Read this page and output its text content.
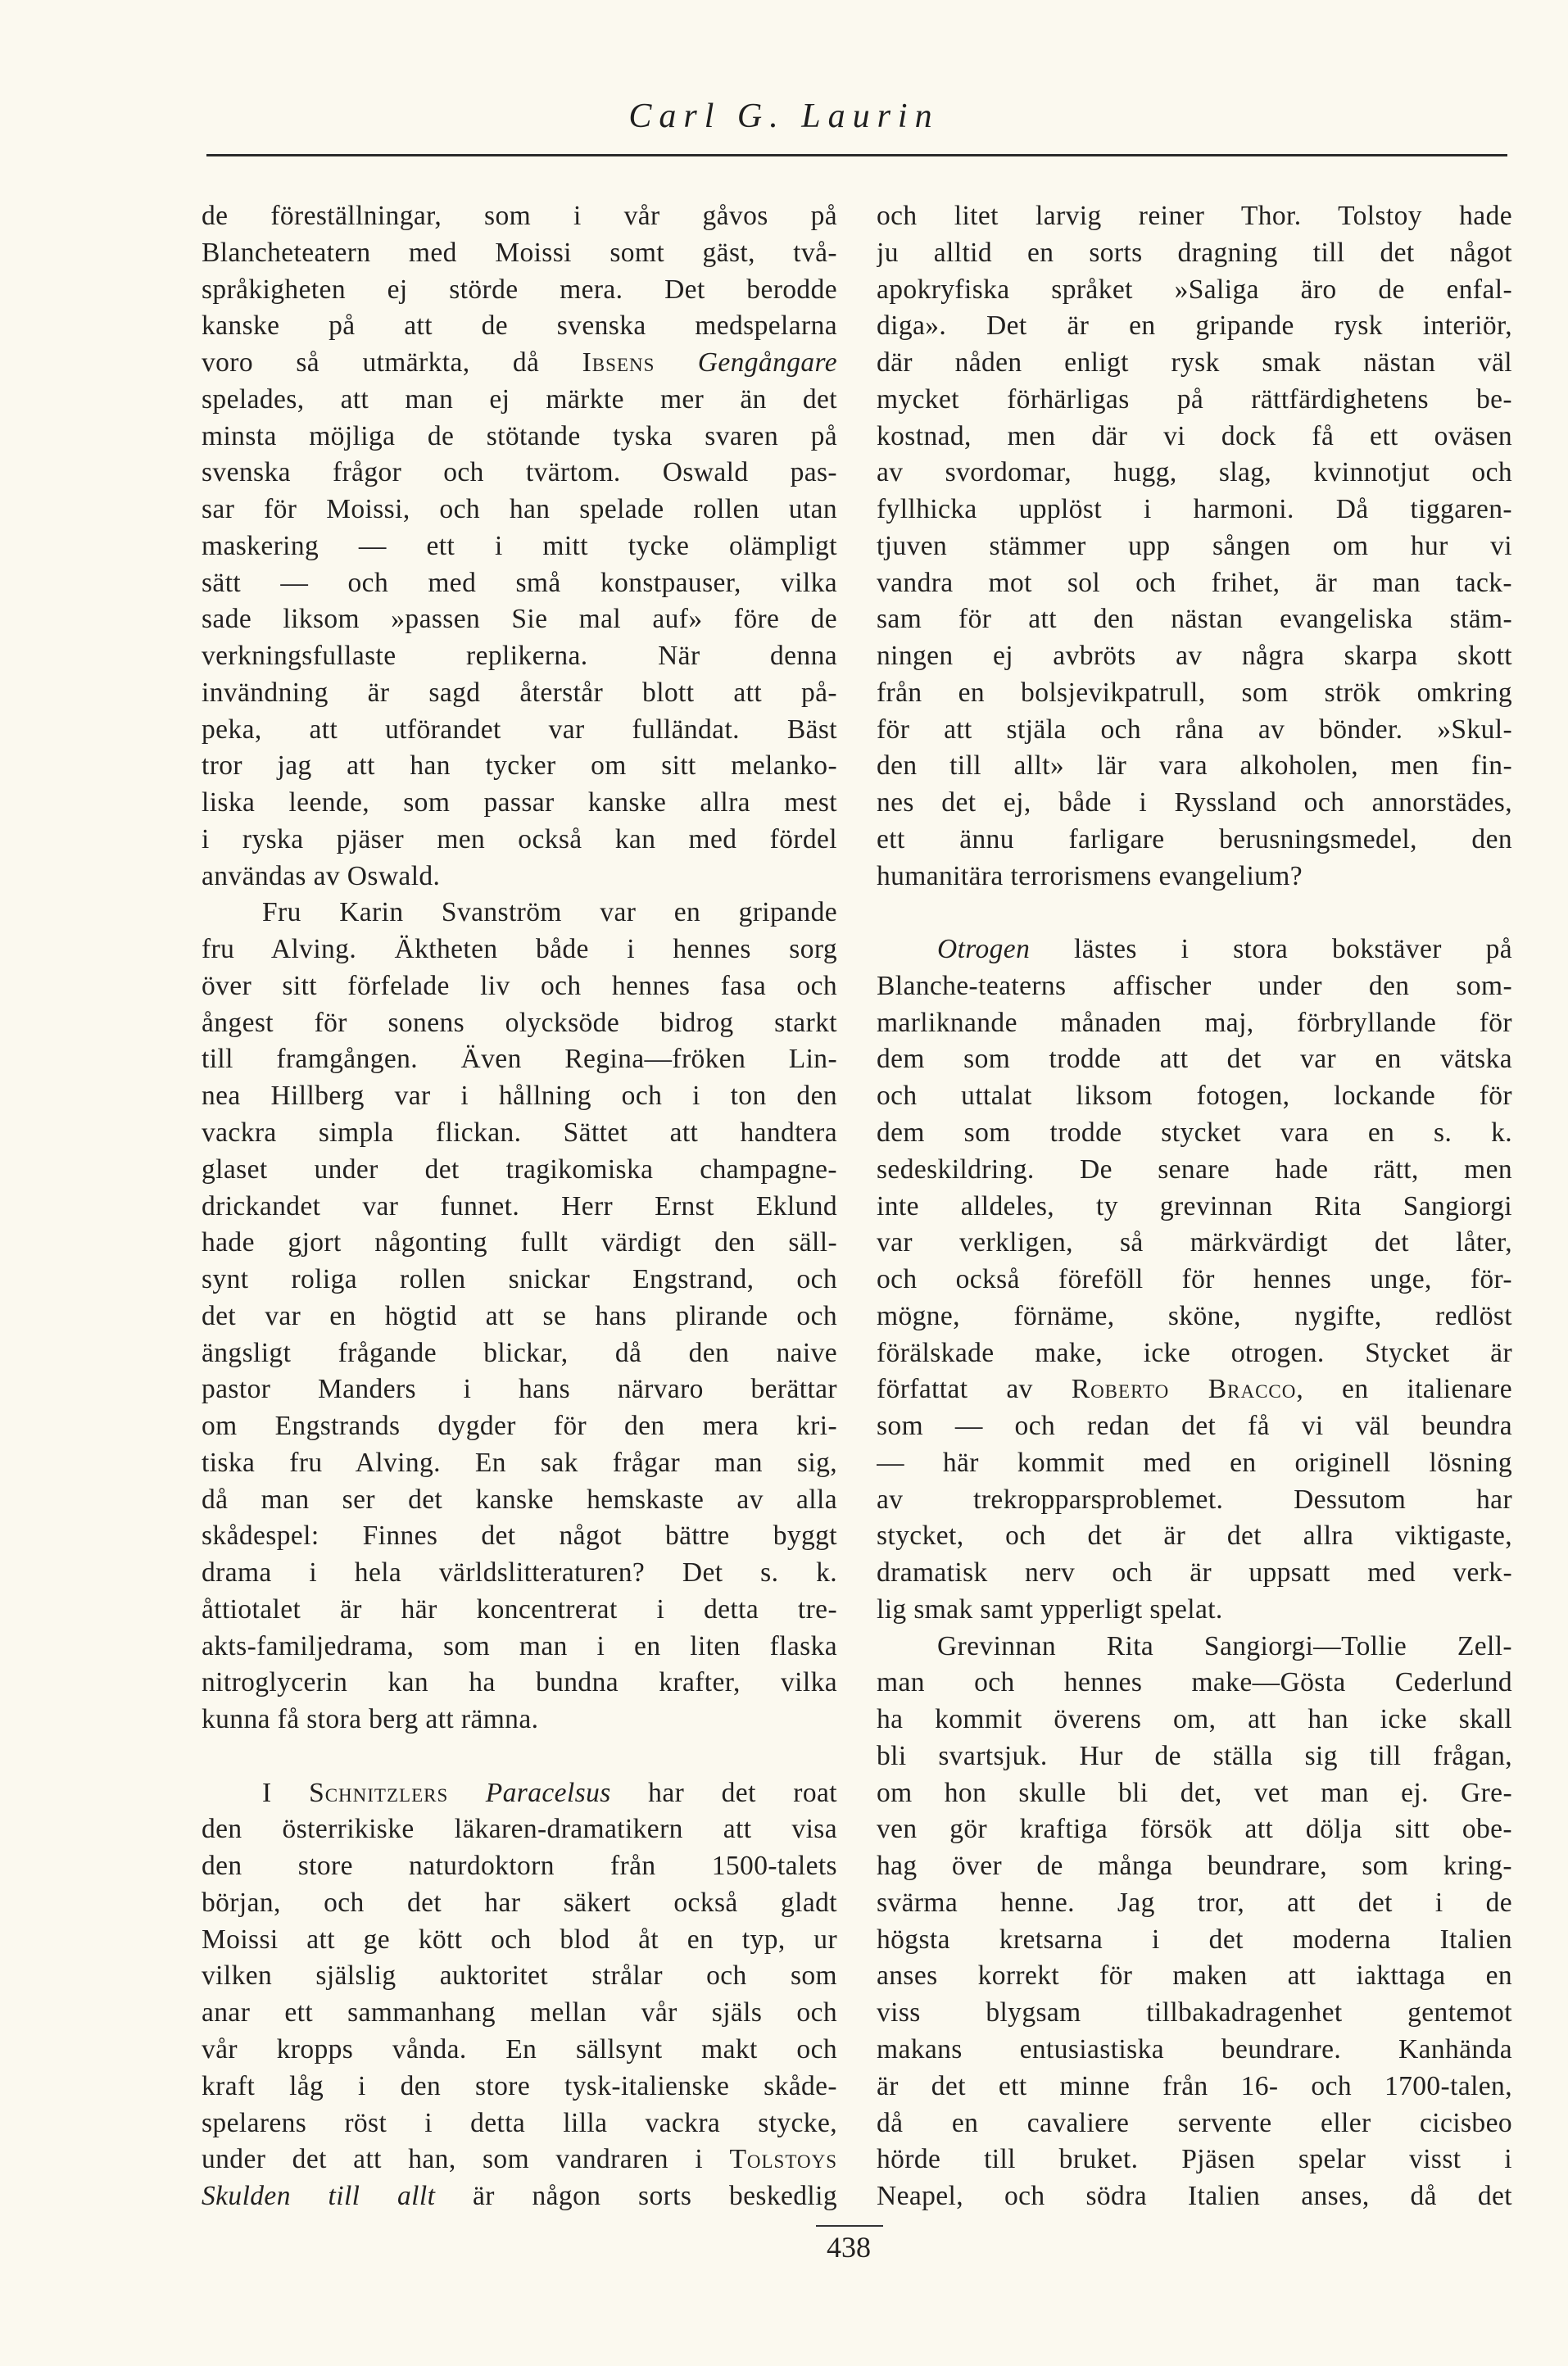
Carl G. Laurin
de föreställningar, som i vår gåvos på
Blancheteatern med Moissi somt gäst, två-
språkigheten ej störde mera. Det berodde
kanske på att de svenska medspelarna
voro så utmärkta, då Ibsens Gengångare
spelades, att man ej märkte mer än det
minsta möjliga de stötande tyska svaren på
svenska frågor och tvärtom. Oswald pas-
sar för Moissi, och han spelade rollen utan
maskering — ett i mitt tycke olämpligt
sätt — och med små konstpauser, vilka
sade liksom »passen Sie mal auf» före de
verkningsfullaste replikerna. När denna
invändning är sagd återstår blott att på-
peka, att utförandet var fulländat. Bäst
tror jag att han tycker om sitt melanko-
liska leende, som passar kanske allra mest
i ryska pjäser men också kan med fördel
användas av Oswald.
Fru Karin Svanström var en gripande
fru Alving. Äktheten både i hennes sorg
över sitt förfelade liv och hennes fasa och
ångest för sonens olycksöde bidrog starkt
till framgången. Även Regina—fröken Lin-
nea Hillberg var i hållning och i ton den
vackra simpla flickan. Sättet att handtera
glaset under det tragikomiska champagne-
drickandet var funnet. Herr Ernst Eklund
hade gjort någonting fullt värdigt den säll-
synt roliga rollen snickar Engstrand, och
det var en högtid att se hans plirande och
ängsligt frågande blickar, då den naive
pastor Manders i hans närvaro berättar
om Engstrands dygder för den mera kri-
tiska fru Alving. En sak frågar man sig,
då man ser det kanske hemskaste av alla
skådespel: Finnes det något bättre byggt
drama i hela världslitteraturen? Det s. k.
åttiotalet är här koncentrerat i detta tre-
akts-familjedrama, som man i en liten flaska
nitroglycerin kan ha bundna krafter, vilka
kunna få stora berg att rämna.
I Schnitzlers Paracelsus har det roat
den österrikiske läkaren-dramatikern att visa
den store naturdoktorn från 1500-talets
början, och det har säkert också gladt
Moissi att ge kött och blod åt en typ, ur
vilken själslig auktoritet strålar och som
anar ett sammanhang mellan vår själs och
vår kropps vånda. En sällsynt makt och
kraft låg i den store tysk-italienske skåde-
spelarens röst i detta lilla vackra stycke,
under det att han, som vandraren i Tolstoys
Skulden till allt är någon sorts beskedlig
och litet larvig reiner Thor. Tolstoy hade
ju alltid en sorts dragning till det något
apokryfiska språket »Saliga äro de enfal-
diga». Det är en gripande rysk interiör,
där nåden enligt rysk smak nästan väl
mycket förhärligas på rättfärdighetens be-
kostnad, men där vi dock få ett oväsen
av svordomar, hugg, slag, kvinnotjut och
fyllhicka upplöst i harmoni. Då tiggaren-
tjuven stämmer upp sången om hur vi
vandra mot sol och frihet, är man tack-
sam för att den nästan evangeliska stäm-
ningen ej avbröts av några skarpa skott
från en bolsjevikpatrull, som strök omkring
för att stjäla och råna av bönder. »Skul-
den till allt» lär vara alkoholen, men fin-
nes det ej, både i Ryssland och annorstädes,
ett ännu farligare berusningsmedel, den
humanitära terrorismens evangelium?
Otrogen lästes i stora bokstäver på
Blanche-teaterns affischer under den som-
marliknande månaden maj, förbryllande för
dem som trodde att det var en vätska
och uttalat liksom fotogen, lockande för
dem som trodde stycket vara en s. k.
sedeskildring. De senare hade rätt, men
inte alldeles, ty grevinnan Rita Sangiorgi
var verkligen, så märkvärdigt det låter,
och också föreföll för hennes unge, för-
mögne, förnäme, sköne, nygifte, redlöst
förälskade make, icke otrogen. Stycket är
författat av Roberto Bracco, en italienare
som — och redan det få vi väl beundra
— här kommit med en originell lösning
av trekropparsproblemet. Dessutom har
stycket, och det är det allra viktigaste,
dramatisk nerv och är uppsatt med verk-
lig smak samt ypperligt spelat.
Grevinnan Rita Sangiorgi—Tollie Zell-
man och hennes make—Gösta Cederlund
ha kommit överens om, att han icke skall
bli svartsjuk. Hur de ställa sig till frågan,
om hon skulle bli det, vet man ej. Gre-
ven gör kraftiga försök att dölja sitt obe-
hag över de många beundrare, som kring-
svärma henne. Jag tror, att det i de
högsta kretsarna i det moderna Italien
anses korrekt för maken att iakttaga en
viss blygsam tillbakadragenhet gentemot
makans entusiastiska beundrare. Kanhända
är det ett minne från 16- och 1700-talen,
då en cavaliere servente eller cicisbeo
hörde till bruket. Pjäsen spelar visst i
Neapel, och södra Italien anses, då det
438
